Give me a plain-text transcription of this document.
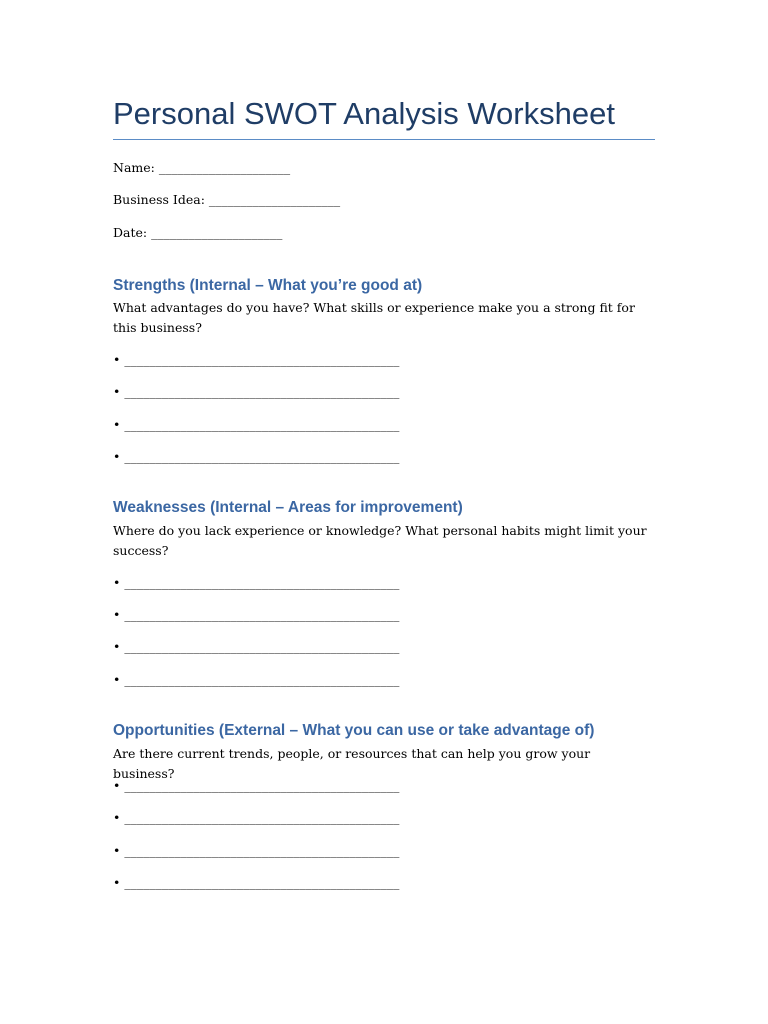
Personal SWOT Analysis Worksheet
Name: _____________________
Business Idea: _____________________
Date: _____________________
Strengths (Internal – What you’re good at)
What advantages do you have? What skills or experience make you a strong fit for this business?
• ____________________________________________
• ____________________________________________
• ____________________________________________
• ____________________________________________
Weaknesses (Internal – Areas for improvement)
Where do you lack experience or knowledge? What personal habits might limit your success?
• ____________________________________________
• ____________________________________________
• ____________________________________________
• ____________________________________________
Opportunities (External – What you can use or take advantage of)
Are there current trends, people, or resources that can help you grow your business?
• ____________________________________________
• ____________________________________________
• ____________________________________________
• ____________________________________________
